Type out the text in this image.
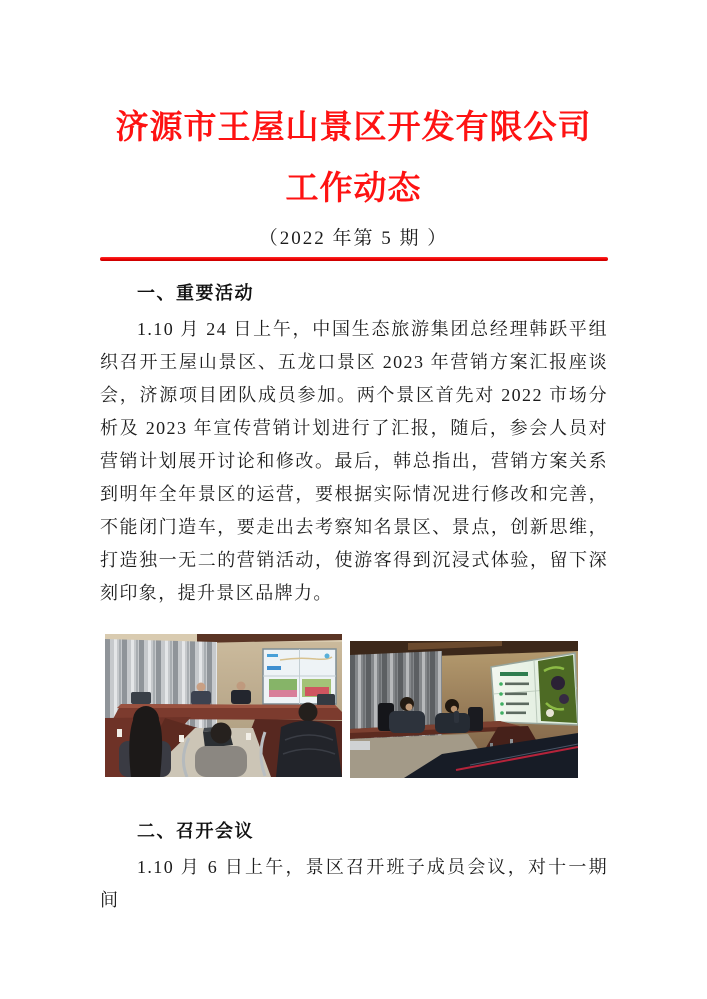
济源市王屋山景区开发有限公司
工作动态
（2022 年第 5 期 ）
一、重要活动
1.10 月 24 日上午，中国生态旅游集团总经理韩跃平组织召开王屋山景区、五龙口景区 2023 年营销方案汇报座谈会，济源项目团队成员参加。两个景区首先对 2022 市场分析及 2023 年宣传营销计划进行了汇报，随后，参会人员对营销计划展开讨论和修改。最后，韩总指出，营销方案关系到明年全年景区的运营，要根据实际情况进行修改和完善，不能闭门造车，要走出去考察知名景区、景点，创新思维，打造独一无二的营销活动，使游客得到沉浸式体验，留下深刻印象，提升景区品牌力。
二、召开会议
1.10 月 6 日上午，景区召开班子成员会议，对十一期间
